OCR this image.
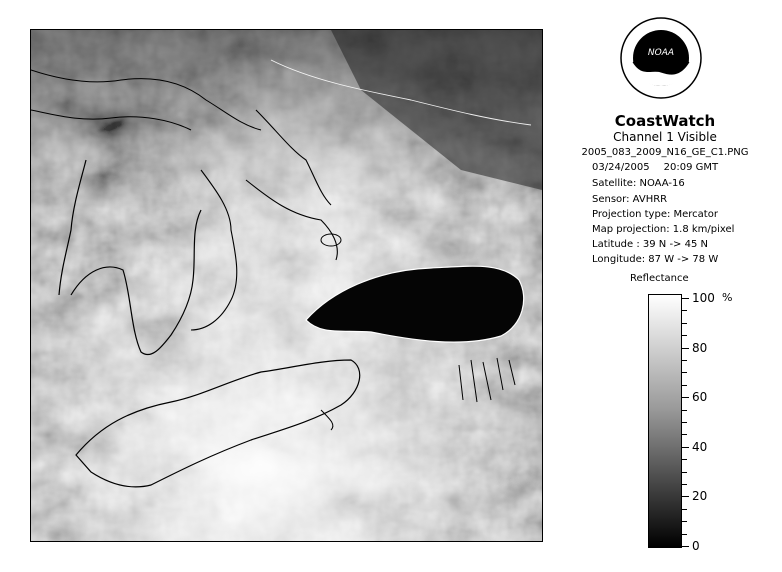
NOAA
CoastWatch
Channel 1 Visible
2005_083_2009_N16_GE_C1.PNG
03/24/2005 20:09 GMT
Satellite: NOAA-16
Sensor: AVHRR
Projection type: Mercator
Map projection: 1.8 km/pixel
Latitude : 39 N -> 45 N
Longitude: 87 W -> 78 W
Reflectance
%
100
80
60
40
20
0
